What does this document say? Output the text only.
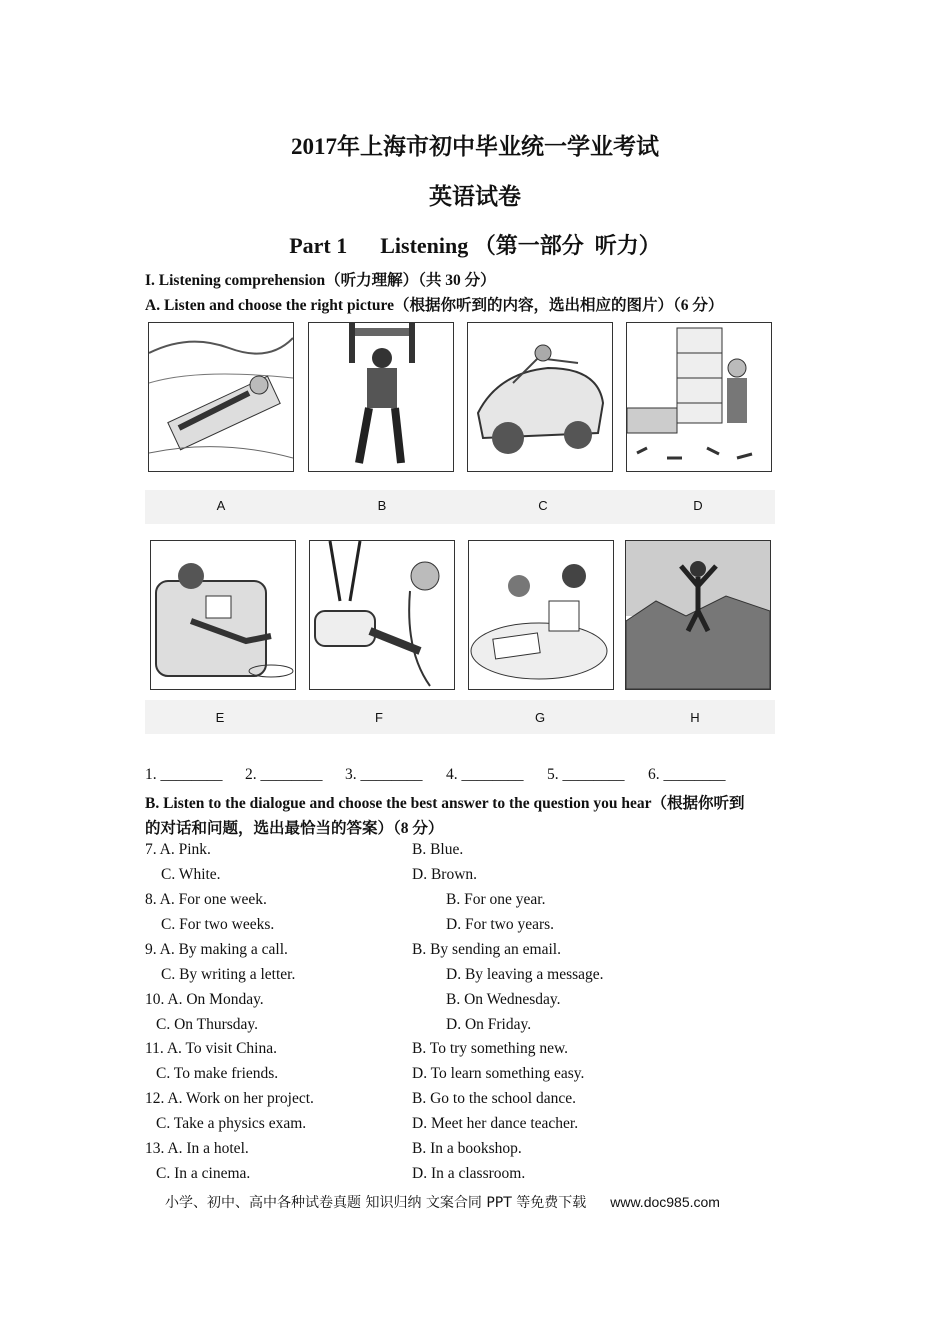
2017年上海市初中毕业统一学业考试
英语试卷
Part 1      Listening （第一部分  听力）
I. Listening comprehension（听力理解）（共 30 分）
A. Listen and choose the right picture（根据你听到的内容，选出相应的图片）（6 分）
A	B	C	D
E	F	G	H
1. ________ 2. ________ 3. ________ 4. ________ 5. ________ 6. ________
B. Listen to the dialogue and choose the best answer to the question you hear（根据你听到
的对话和问题，选出最恰当的答案）（8 分）
7. A. Pink.	B. Blue.
C. White.	D. Brown.
8. A. For one week.	B. For one year.
C. For two weeks.	D. For two years.
9. A. By making a call.	B. By sending an email.
C. By writing a letter.	D. By leaving a message.
10. A. On Monday.	B. On Wednesday.
C. On Thursday.	D. On Friday.
11. A. To visit China.	B. To try something new.
C. To make friends.	D. To learn something easy.
12. A. Work on her project.	B. Go to the school dance.
C. Take a physics exam.	D. Meet her dance teacher.
13. A. In a hotel.	B. In a bookshop.
C. In a cinema.	D. In a classroom.
小学、初中、高中各种试卷真题 知识归纳 文案合同 PPT 等免费下载 www.doc985.com
